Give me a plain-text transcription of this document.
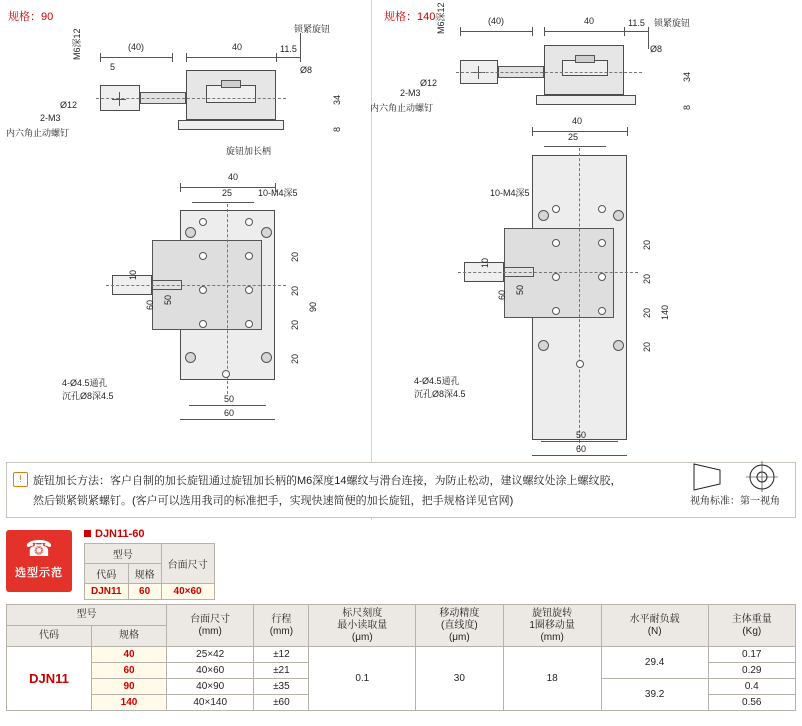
规格：90
(40)	40	11.5
锁紧旋钮
5
M6深12
Ø12
Ø8
34
8
2-M3
内六角止动螺钉
旋钮加长柄
40
25	10-M4深5
60 50
10
90
20
20
20
20
4-Ø4.5通孔
沉孔Ø8深4.5	50
60
规格：140	(40)	40	11.5 锁紧旋钮
M6深12
Ø12
Ø8
34
8
2-M3
内六角止动螺钉
40
25
10-M4深5
60 50
10
140
20
20
20
20
4-Ø4.5通孔
沉孔Ø8深4.5
50
60
!	旋钮加长方法：客户自制的加长旋钮通过旋钮加长柄的M6深度14螺纹与滑台连接，为防止松动，建议螺纹处涂上螺纹胶，
然后锁紧锁紧螺钉。(客户可以选用我司的标准把手，实现快速简便的加长旋钮，把手规格详见官网)	视角标准：第一视角
☎
选型示范
DJN11-60
型号		台面尺寸
代码	规格	
DJN11	60	40×60
型号	台面尺寸
(mm)

行程
(mm)

标尺刻度
最小读取量
(μm)

移动精度
(直线度)
(μm)

旋钮旋转
1圈移动量
(mm)

水平耐负载
(N)

主体重量
(Kg)

代码	规格							
DJN11	40	25×42	±12	0.1	30	18	29.4	0.17
	60	40×60	±21					0.29
	90	40×90	±35				39.2	0.4
	140	40×140	±60					0.56
